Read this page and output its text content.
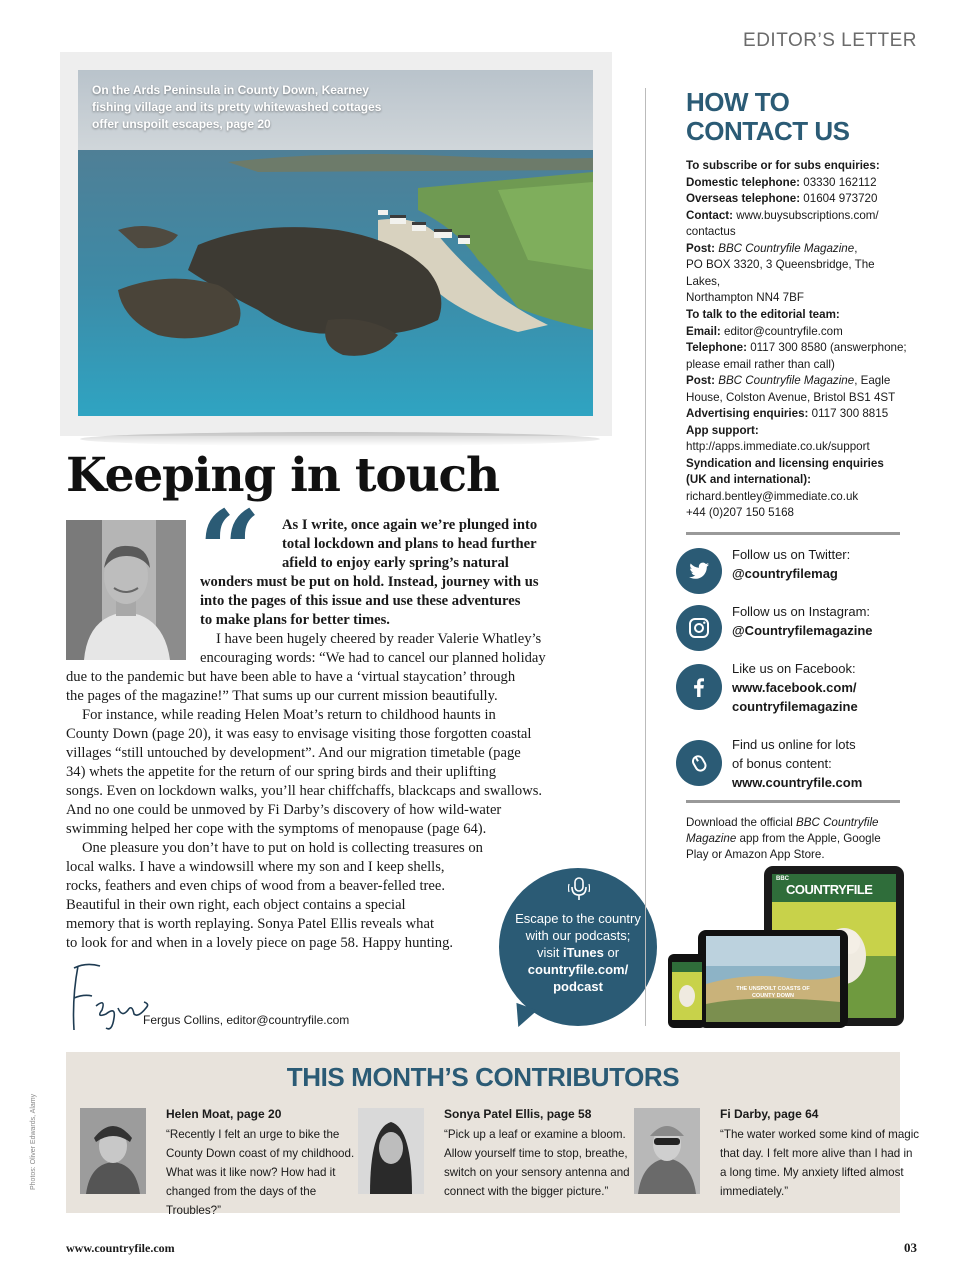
EDITOR’S LETTER
On the Ards Peninsula in County Down, Kearney fishing village and its pretty whitewashed cottages offer unspoilt escapes, page 20
Keeping in touch
“	As I write, once again we’re plunged into
total lockdown and plans to head further
afield to enjoy early spring’s natural
wonders must be put on hold. Instead, journey with us
into the pages of this issue and use these adventures
to make plans for better times.
I have been hugely cheered by reader Valerie Whatley’s
encouraging words: “We had to cancel our planned holiday
due to the pandemic but have been able to have a ‘virtual staycation’ through
the pages of the magazine!” That sums up our current mission beautifully.
For instance, while reading Helen Moat’s return to childhood haunts in
County Down (page 20), it was easy to envisage visiting those forgotten coastal
villages “still untouched by development”. And our migration timetable (page
34) whets the appetite for the return of our spring birds and their uplifting
songs. Even on lockdown walks, you’ll hear chiffchaffs, blackcaps and swallows.
And no one could be unmoved by Fi Darby’s discovery of how wild-water
swimming helped her cope with the symptoms of menopause (page 64).
One pleasure you don’t have to put on hold is collecting treasures on
local walks. I have a windowsill where my son and I keep shells,
rocks, feathers and even chips of wood from a beaver-felled tree.
Beautiful in their own right, each object contains a special
memory that is worth replaying. Sonya Patel Ellis reveals what
to look for and when in a lovely piece on page 58. Happy hunting.
Fergus Collins, editor@countryfile.com
Escape to the country
with our podcasts;
visit iTunes or
countryfile.com/
podcast
HOW TO
CONTACT US
To subscribe or for subs enquiries:
Domestic telephone: 03330 162112
Overseas telephone: 01604 973720
Contact: www.buysubscriptions.com/
contactus
Post: BBC Countryfile Magazine,
PO BOX 3320, 3 Queensbridge, The Lakes,
Northampton NN4 7BF
To talk to the editorial team:
Email: editor@countryfile.com
Telephone: 0117 300 8580 (answerphone;
please email rather than call)
Post: BBC Countryfile Magazine, Eagle
House, Colston Avenue, Bristol BS1 4ST
Advertising enquiries: 0117 300 8815
App support:
http://apps.immediate.co.uk/support
Syndication and licensing enquiries
(UK and international):
richard.bentley@immediate.co.uk
+44 (0)207 150 5168
Follow us on Twitter:
@countryfilemag
Follow us on Instagram:
@Countryfilemagazine
Like us on Facebook:
www.facebook.com/
countryfilemagazine
Find us online for lots
of bonus content:
www.countryfile.com
Download the official BBC Countryfile Magazine app from the Apple, Google Play or Amazon App Store.
BBC
COUNTRYFILE
THE UNSPOILT COASTS OF COUNTY DOWN
THIS MONTH’S CONTRIBUTORS
Helen Moat, page 20
“Recently I felt an urge to bike the County Down coast of my childhood. What was it like now? How had it changed from the days of the Troubles?”
Sonya Patel Ellis, page 58
“Pick up a leaf or examine a bloom. Allow yourself time to stop, breathe, switch on your sensory antenna and connect with the bigger picture.”
Fi Darby, page 64
“The water worked some kind of magic that day. I felt more alive than I had in a long time. My anxiety lifted almost immediately.”
Photos: Oliver Edwards, Alamy
www.countryfile.com	03
